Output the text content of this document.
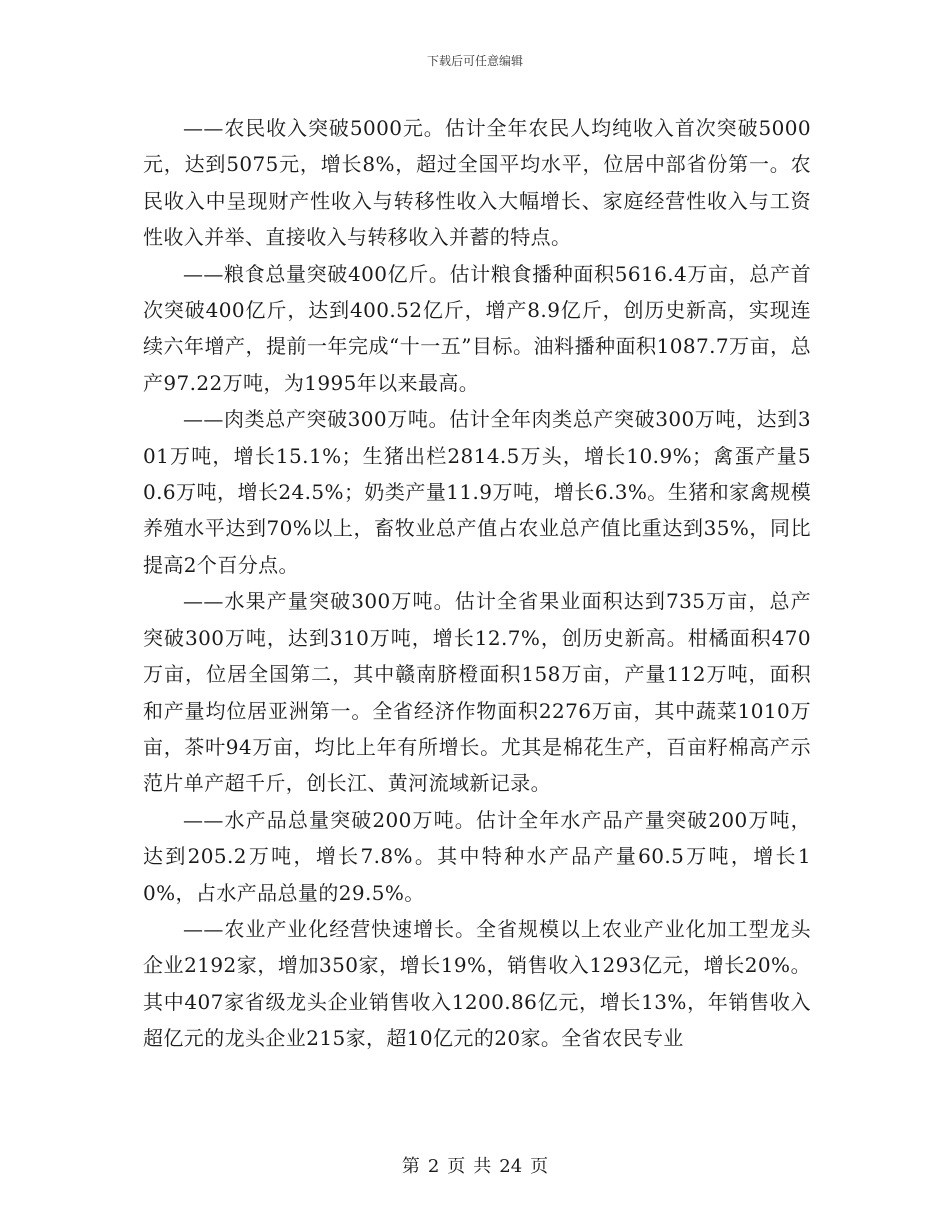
下载后可任意编辑

——农民收入突破5000元。估计全年农民人均纯收入首次突破5000元，达到5075元，增长8%，超过全国平均水平，位居中部省份第一。农民收入中呈现财产性收入与转移性收入大幅增长、家庭经营性收入与工资性收入并举、直接收入与转移收入并蓄的特点。

——粮食总量突破400亿斤。估计粮食播种面积5616.4万亩，总产首次突破400亿斤，达到400.52亿斤，增产8.9亿斤，创历史新高，实现连续六年增产，提前一年完成“十一五”目标。油料播种面积1087.7万亩，总产97.22万吨，为1995年以来最高。

——肉类总产突破300万吨。估计全年肉类总产突破300万吨，达到301万吨，增长15.1%；生猪出栏2814.5万头，增长10.9%；禽蛋产量50.6万吨，增长24.5%；奶类产量11.9万吨，增长6.3%。生猪和家禽规模养殖水平达到70%以上，畜牧业总产值占农业总产值比重达到35%，同比提高2个百分点。

——水果产量突破300万吨。估计全省果业面积达到735万亩，总产突破300万吨，达到310万吨，增长12.7%，创历史新高。柑橘面积470万亩，位居全国第二，其中赣南脐橙面积158万亩，产量112万吨，面积和产量均位居亚洲第一。全省经济作物面积2276万亩，其中蔬菜1010万亩，茶叶94万亩，均比上年有所增长。尤其是棉花生产，百亩籽棉高产示范片单产超千斤，创长江、黄河流域新记录。

——水产品总量突破200万吨。估计全年水产品产量突破200万吨，达到205.2万吨，增长7.8%。其中特种水产品产量60.5万吨，增长10%，占水产品总量的29.5%。

——农业产业化经营快速增长。全省规模以上农业产业化加工型龙头企业2192家，增加350家，增长19%，销售收入1293亿元，增长20%。其中407家省级龙头企业销售收入1200.86亿元，增长13%，年销售收入超亿元的龙头企业215家，超10亿元的20家。全省农民专业

第 2 页 共 24 页
